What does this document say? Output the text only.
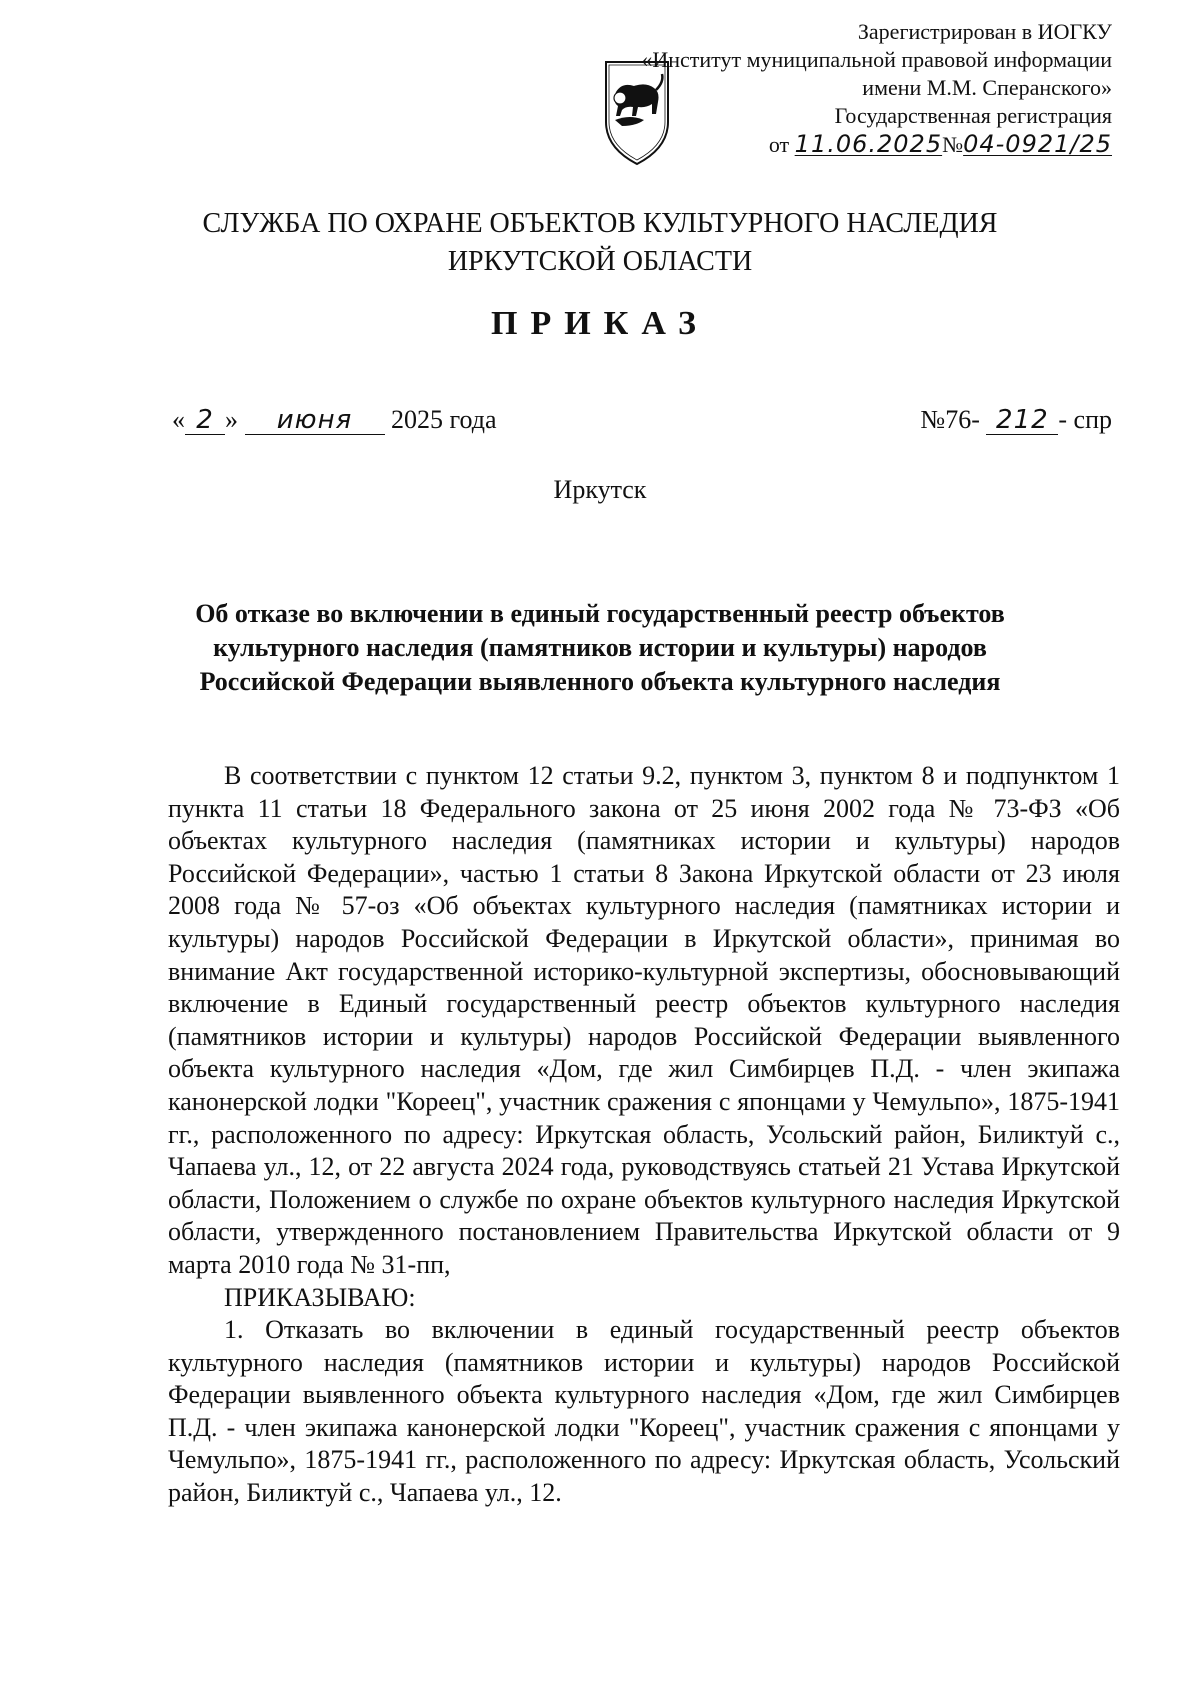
Зарегистрирован в ИОГКУ
«Институт муниципальной правовой информации
имени М.М. Сперанского»
Государственная регистрация
от 11.06.2025№04-0921/25
СЛУЖБА ПО ОХРАНЕ ОБЪЕКТОВ КУЛЬТУРНОГО НАСЛЕДИЯ
ИРКУТСКОЙ ОБЛАСТИ
ПРИКАЗ
« 2 » июня 2025 года	№76- 212 - спр
Иркутск
Об отказе во включении в единый государственный реестр объектов
культурного наследия (памятников истории и культуры) народов
Российской Федерации выявленного объекта культурного наследия

В соответствии с пунктом 12 статьи 9.2, пунктом 3, пунктом 8 и подпунктом 1 пункта 11 статьи 18 Федерального закона от 25 июня 2002 года № 73-ФЗ «Об объектах культурного наследия (памятниках истории и культуры) народов Российской Федерации», частью 1 статьи 8 Закона Иркутской области от 23 июля 2008 года № 57-оз «Об объектах культурного наследия (памятниках истории и культуры) народов Российской Федерации в Иркутской области», принимая во внимание Акт государственной историко-культурной экспертизы, обосновывающий включение в Единый государственный реестр объектов культурного наследия (памятников истории и культуры) народов Российской Федерации выявленного объекта культурного наследия «Дом, где жил Симбирцев П.Д. - член экипажа канонерской лодки "Кореец", участник сражения с японцами у Чемульпо», 1875-1941 гг., расположенного по адресу: Иркутская область, Усольский район, Биликтуй с., Чапаева ул., 12, от 22 августа 2024 года, руководствуясь статьей 21 Устава Иркутской области, Положением о службе по охране объектов культурного наследия Иркутской области, утвержденного постановлением Правительства Иркутской области от 9 марта 2010 года № 31-пп,

ПРИКАЗЫВАЮ:

1. Отказать во включении в единый государственный реестр объектов культурного наследия (памятников истории и культуры) народов Российской Федерации выявленного объекта культурного наследия «Дом, где жил Симбирцев П.Д. - член экипажа канонерской лодки "Кореец", участник сражения с японцами у Чемульпо», 1875-1941 гг., расположенного по адресу: Иркутская область, Усольский район, Биликтуй с., Чапаева ул., 12.
